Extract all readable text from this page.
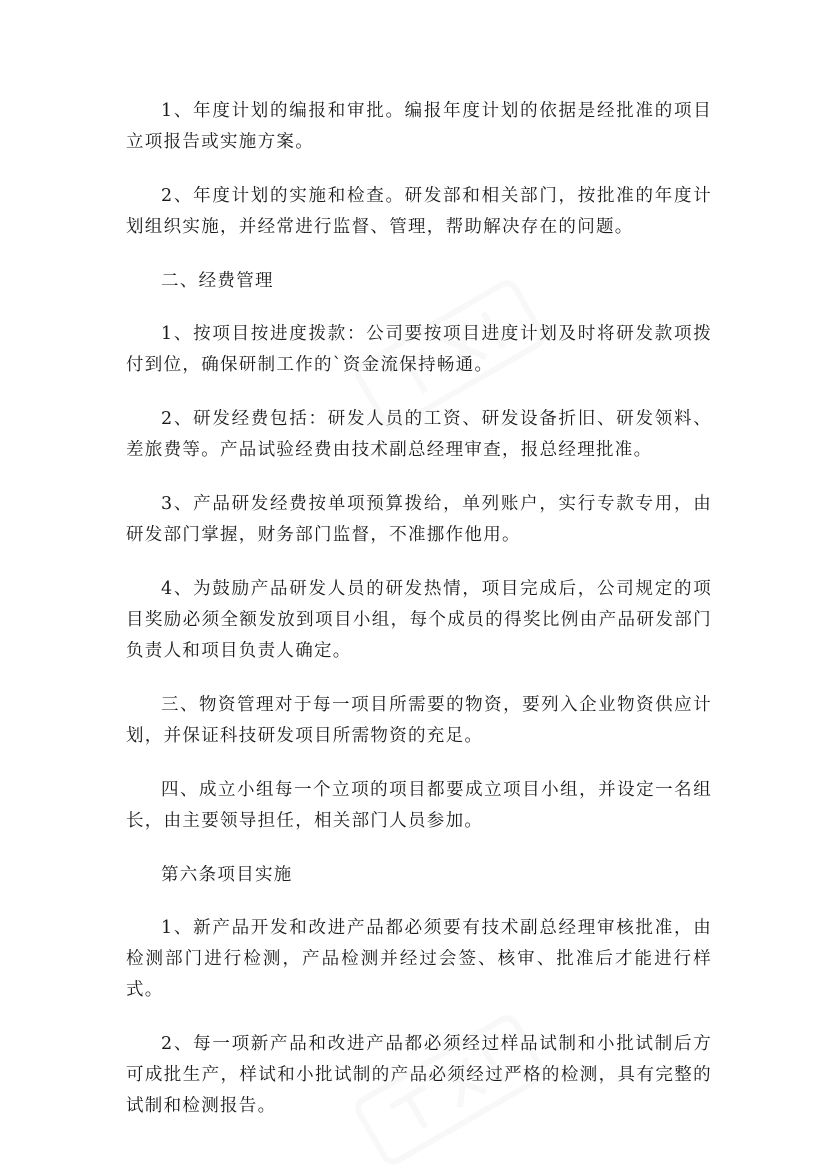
1、年度计划的编报和审批。编报年度计划的依据是经批准的项目立项报告或实施方案。

2、年度计划的实施和检查。研发部和相关部门，按批准的年度计划组织实施，并经常进行监督、管理，帮助解决存在的问题。

二、经费管理

1、按项目按进度拨款：公司要按项目进度计划及时将研发款项拨付到位，确保研制工作的`资金流保持畅通。

2、研发经费包括：研发人员的工资、研发设备折旧、研发领料、差旅费等。产品试验经费由技术副总经理审查，报总经理批准。

3、产品研发经费按单项预算拨给，单列账户，实行专款专用，由研发部门掌握，财务部门监督，不准挪作他用。

4、为鼓励产品研发人员的研发热情，项目完成后，公司规定的项目奖励必须全额发放到项目小组，每个成员的得奖比例由产品研发部门负责人和项目负责人确定。

三、物资管理对于每一项目所需要的物资，要列入企业物资供应计划，并保证科技研发项目所需物资的充足。

四、成立小组每一个立项的项目都要成立项目小组，并设定一名组长，由主要领导担任，相关部门人员参加。

第六条项目实施

1、新产品开发和改进产品都必须要有技术副总经理审核批准，由检测部门进行检测，产品检测并经过会签、核审、批准后才能进行样式。

2、每一项新产品和改进产品都必须经过样品试制和小批试制后方可成批生产，样试和小批试制的产品必须经过严格的检测，具有完整的试制和检测报告。
